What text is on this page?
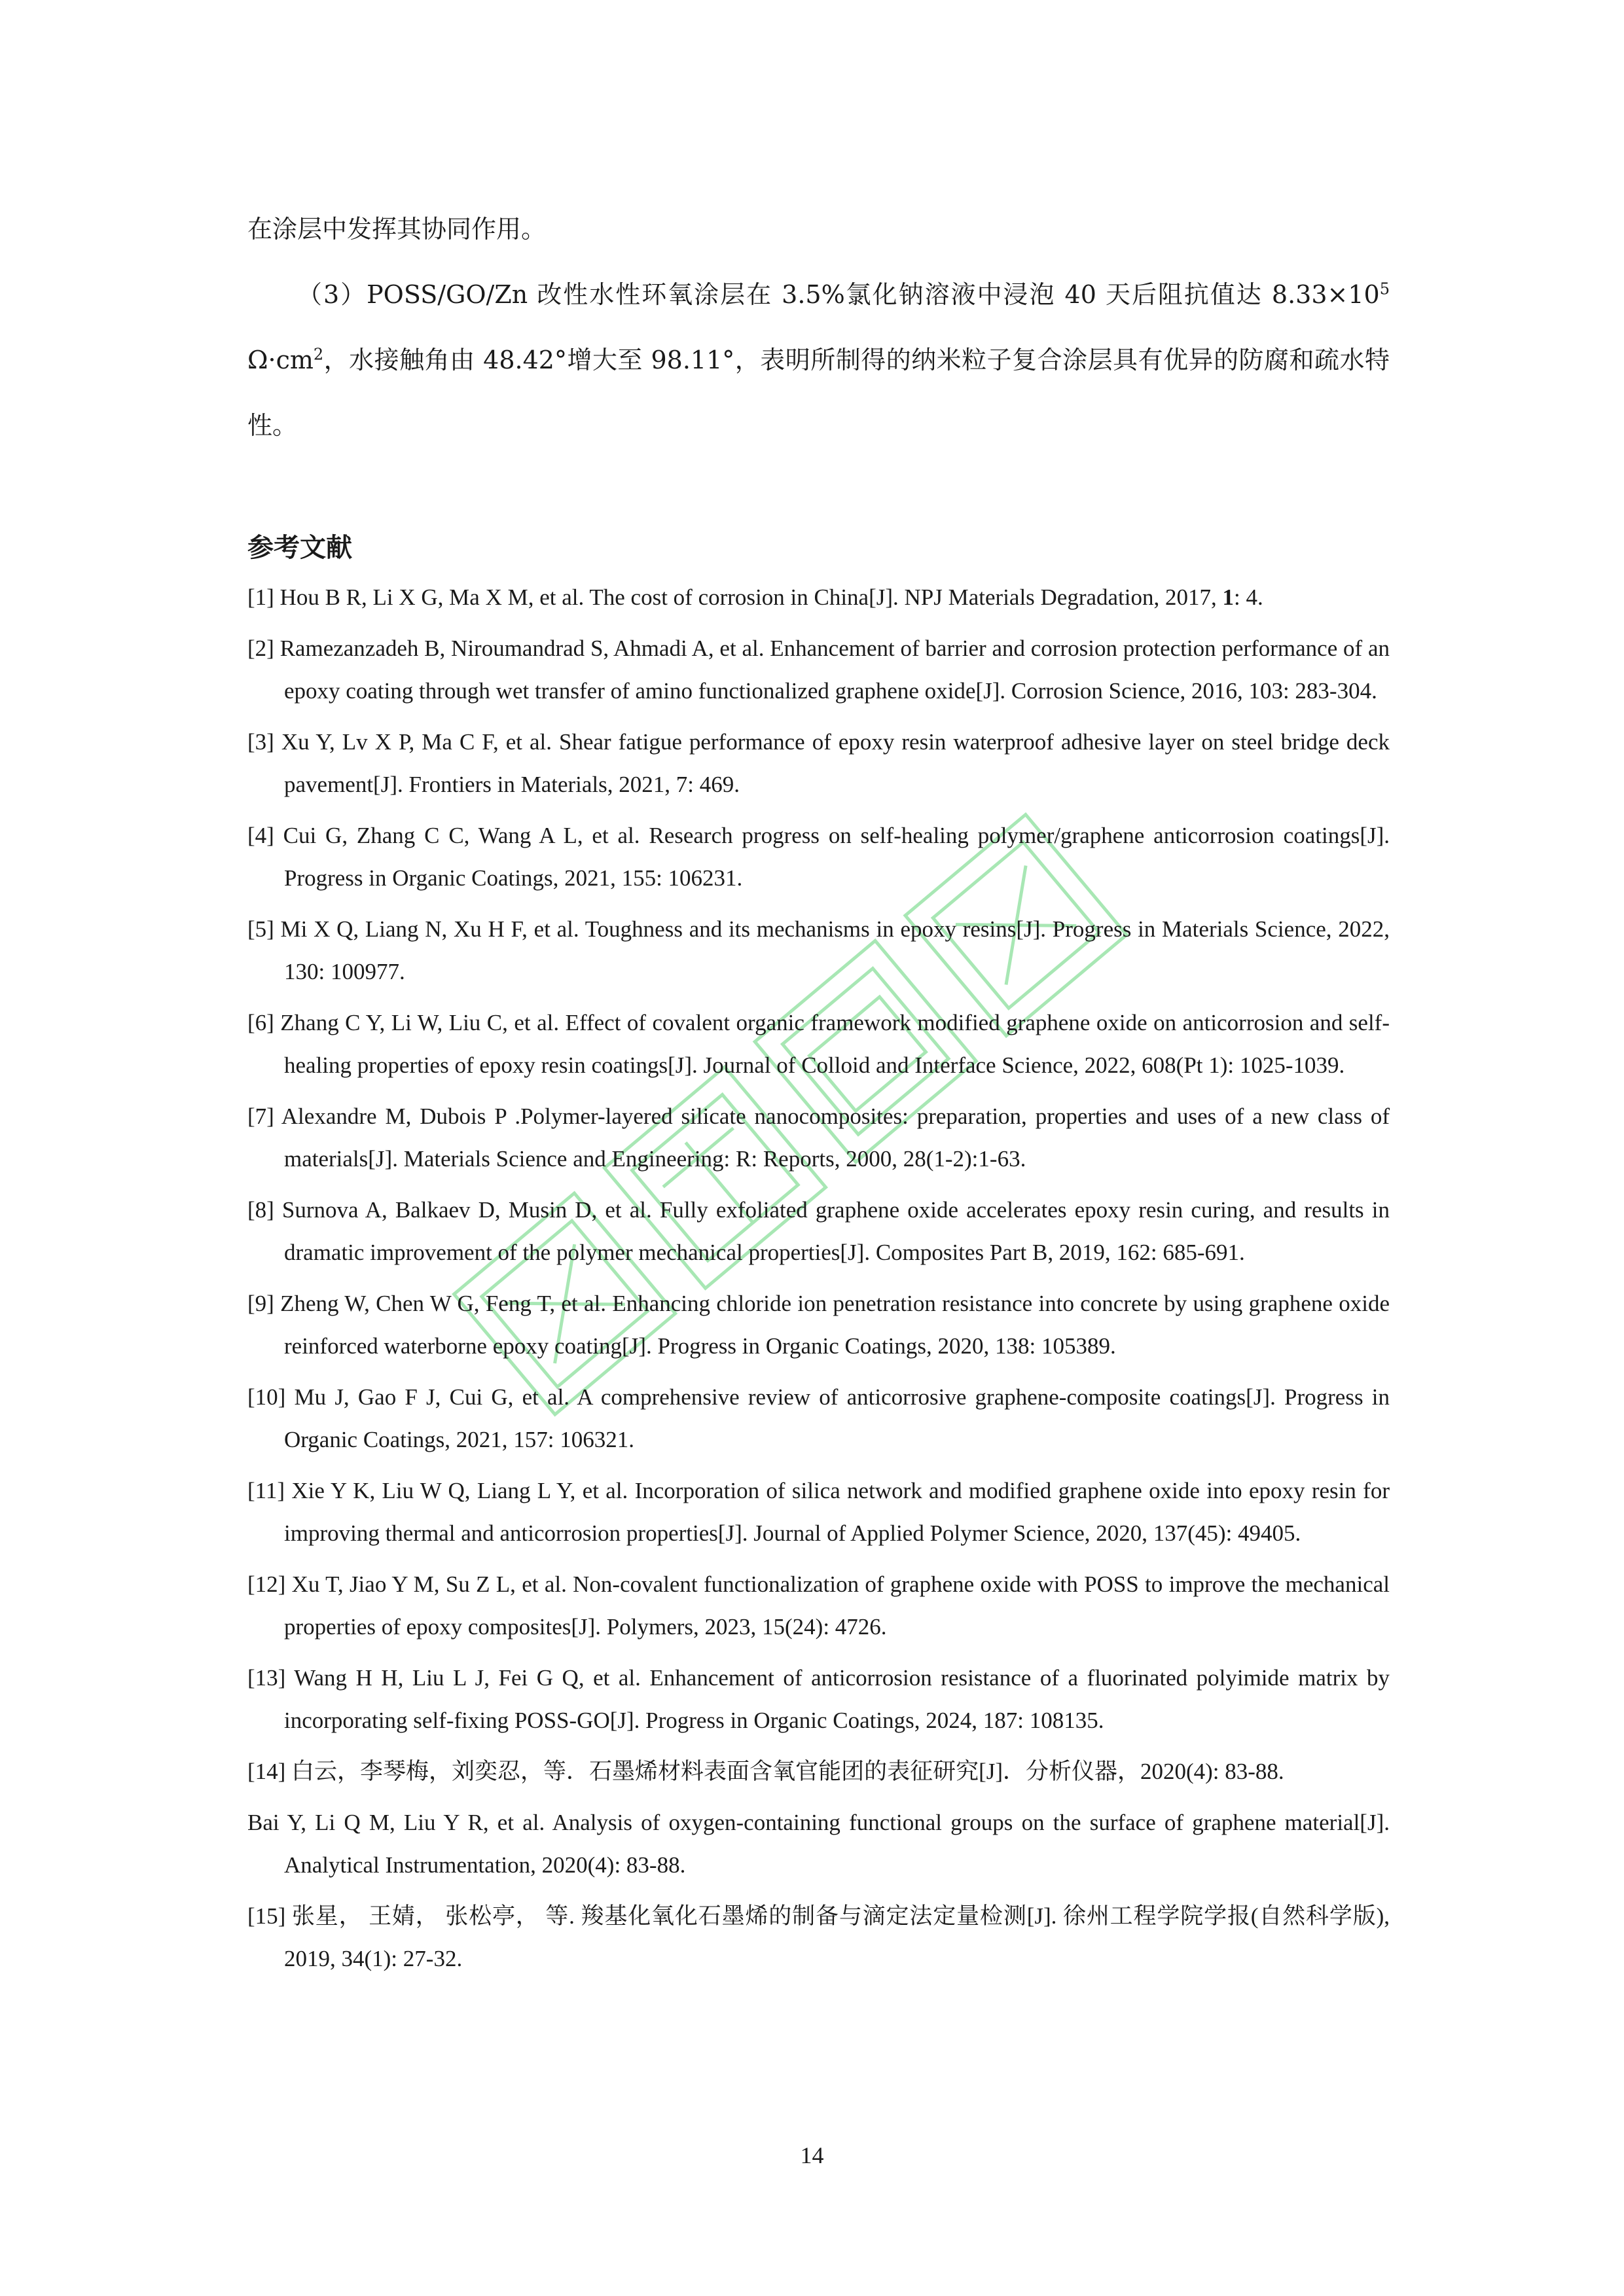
在涂层中发挥其协同作用。
（3）POSS/GO/Zn 改性水性环氧涂层在 3.5%氯化钠溶液中浸泡 40 天后阻抗值达 $8.33\times 10^5$ $\Omega\cdot cm^2$，水接触角由 48.42°增大至 98.11°，表明所制得的纳米粒子复合涂层具有优异的防腐和疏水特性。
参考文献
[1] Hou B R, Li X G, Ma X M, et al. The cost of corrosion in China[J]. NPJ Materials Degradation, 2017, 1: 4.
[2] Ramezanzadeh B, Niroumandrad S, Ahmadi A, et al. Enhancement of barrier and corrosion protection performance of an epoxy coating through wet transfer of amino functionalized graphene oxide[J]. Corrosion Science, 2016, 103: 283-304.
[3] Xu Y, Lv X P, Ma C F, et al. Shear fatigue performance of epoxy resin waterproof adhesive layer on steel bridge deck pavement[J]. Frontiers in Materials, 2021, 7: 469.
[4] Cui G, Zhang C C, Wang A L, et al. Research progress on self-healing polymer/graphene anticorrosion coatings[J]. Progress in Organic Coatings, 2021, 155: 106231.
[5] Mi X Q, Liang N, Xu H F, et al. Toughness and its mechanisms in epoxy resins[J]. Progress in Materials Science, 2022, 130: 100977.
[6] Zhang C Y, Li W, Liu C, et al. Effect of covalent organic framework modified graphene oxide on anticorrosion and self-healing properties of epoxy resin coatings[J]. Journal of Colloid and Interface Science, 2022, 608(Pt 1): 1025-1039.
[7] Alexandre M, Dubois P .Polymer-layered silicate nanocomposites: preparation, properties and uses of a new class of materials[J]. Materials Science and Engineering: R: Reports, 2000, 28(1-2):1-63.
[8] Surnova A, Balkaev D, Musin D, et al. Fully exfoliated graphene oxide accelerates epoxy resin curing, and results in dramatic improvement of the polymer mechanical properties[J]. Composites Part B, 2019, 162: 685-691.
[9] Zheng W, Chen W G, Feng T, et al. Enhancing chloride ion penetration resistance into concrete by using graphene oxide reinforced waterborne epoxy coating[J]. Progress in Organic Coatings, 2020, 138: 105389.
[10] Mu J, Gao F J, Cui G, et al. A comprehensive review of anticorrosive graphene-composite coatings[J]. Progress in Organic Coatings, 2021, 157: 106321.
[11] Xie Y K, Liu W Q, Liang L Y, et al. Incorporation of silica network and modified graphene oxide into epoxy resin for improving thermal and anticorrosion properties[J]. Journal of Applied Polymer Science, 2020, 137(45): 49405.
[12] Xu T, Jiao Y M, Su Z L, et al. Non-covalent functionalization of graphene oxide with POSS to improve the mechanical properties of epoxy composites[J]. Polymers, 2023, 15(24): 4726.
[13] Wang H H, Liu L J, Fei G Q, et al. Enhancement of anticorrosion resistance of a fluorinated polyimide matrix by incorporating self-fixing POSS-GO[J]. Progress in Organic Coatings, 2024, 187: 108135.
[14] 白云，李琴梅，刘奕忍，等．石墨烯材料表面含氧官能团的表征研究[J]．分析仪器，2020(4): 83-88.
Bai Y, Li Q M, Liu Y R, et al. Analysis of oxygen-containing functional groups on the surface of graphene material[J]. Analytical Instrumentation, 2020(4): 83-88.
[15] 张星， 王婧， 张松亭， 等. 羧基化氧化石墨烯的制备与滴定法定量检测[J]. 徐州工程学院学报(自然科学版), 2019, 34(1): 27-32.
14
